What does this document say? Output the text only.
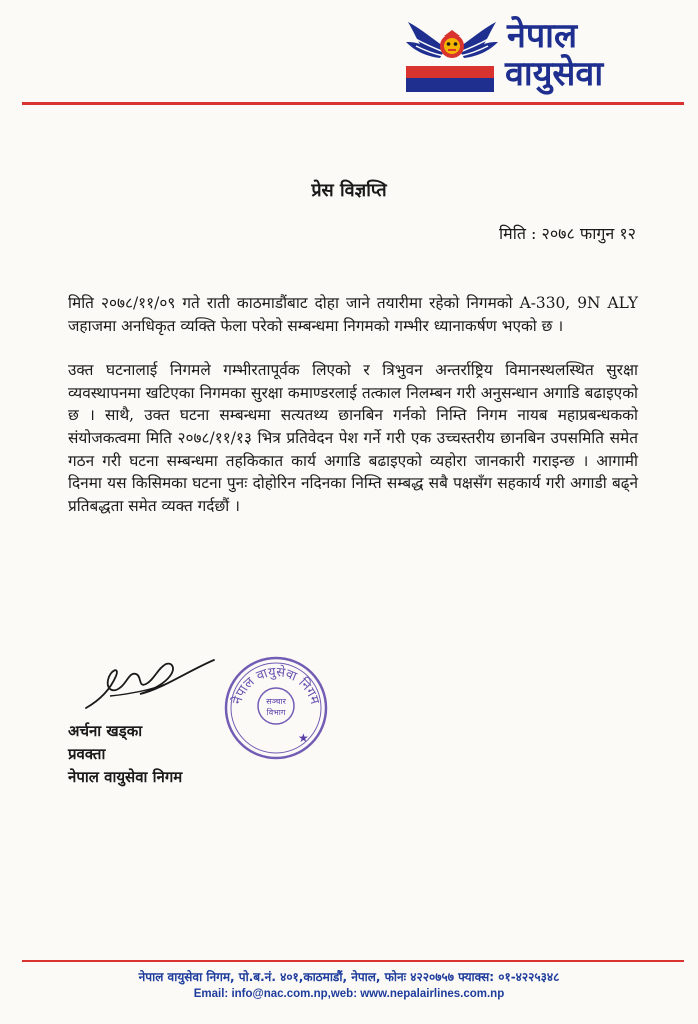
नेपाल
वायुसेवा
प्रेस विज्ञप्ति
मिति : २०७८ फागुन १२

मिति २०७८/११/०९ गते राती काठमाडौंबाट दोहा जाने तयारीमा रहेको निगमको A-330, 9N ALY जहाजमा अनधिकृत व्यक्ति फेला परेको सम्बन्धमा निगमको गम्भीर ध्यानाकर्षण भएको छ ।

उक्त घटनालाई निगमले गम्भीरतापूर्वक लिएको र त्रिभुवन अन्तर्राष्ट्रिय विमानस्थलस्थित सुरक्षा व्यवस्थापनमा खटिएका निगमका सुरक्षा कमाण्डरलाई तत्काल निलम्बन गरी अनुसन्धान अगाडि बढाइएको छ । साथै, उक्त घटना सम्बन्धमा सत्यतथ्य छानबिन गर्नको निम्ति निगम नायब महाप्रबन्धकको संयोजकत्वमा मिति २०७८/११/१३ भित्र प्रतिवेदन पेश गर्ने गरी एक उच्चस्तरीय छानबिन उपसमिति समेत गठन गरी घटना सम्बन्धमा तहकिकात कार्य अगाडि बढाइएको व्यहोरा जानकारी गराइन्छ । आगामी दिनमा यस किसिमका घटना पुनः दोहोरिन नदिनका निम्ति सम्बद्ध सबै पक्षसँग सहकार्य गरी अगाडी बढ्ने प्रतिबद्धता समेत व्यक्त गर्दछौं ।

अर्चना खड्का
प्रवक्ता
नेपाल वायुसेवा निगम
नेपाल वायुसेवा निगम
सञ्चार
विभाग
★
नेपाल वायुसेवा निगम, पो.ब.नं. ४०१,काठमाडौं, नेपाल, फोनः ४२२०७५७ फ्याक्स: ०१-४२२५३४८
Email: info@nac.com.np,web: www.nepalairlines.com.np
